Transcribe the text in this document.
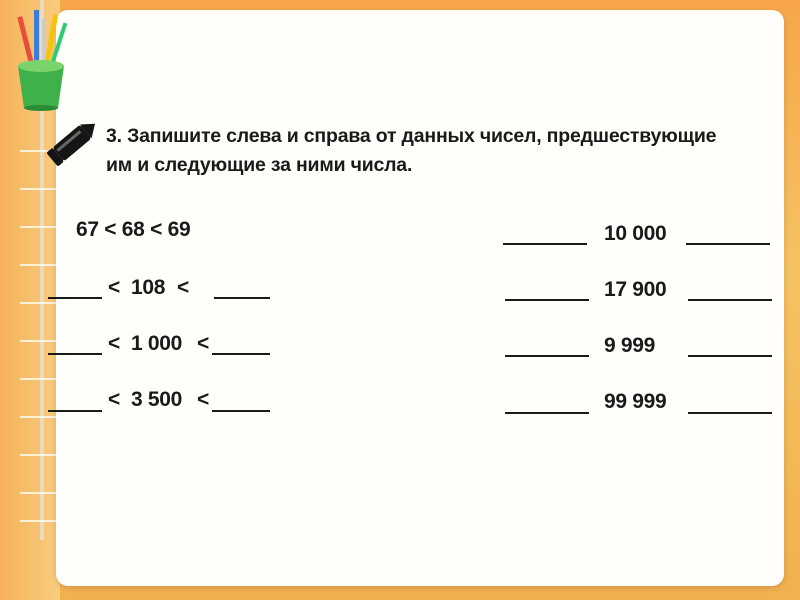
3. Запишите слева и справа от данных чисел, предшествующие
им и следующие за ними числа.
67 < 68 < 69
< 108 <
< 1 000 <
< 3 500 <
10 000
17 900
9 999
99 999
